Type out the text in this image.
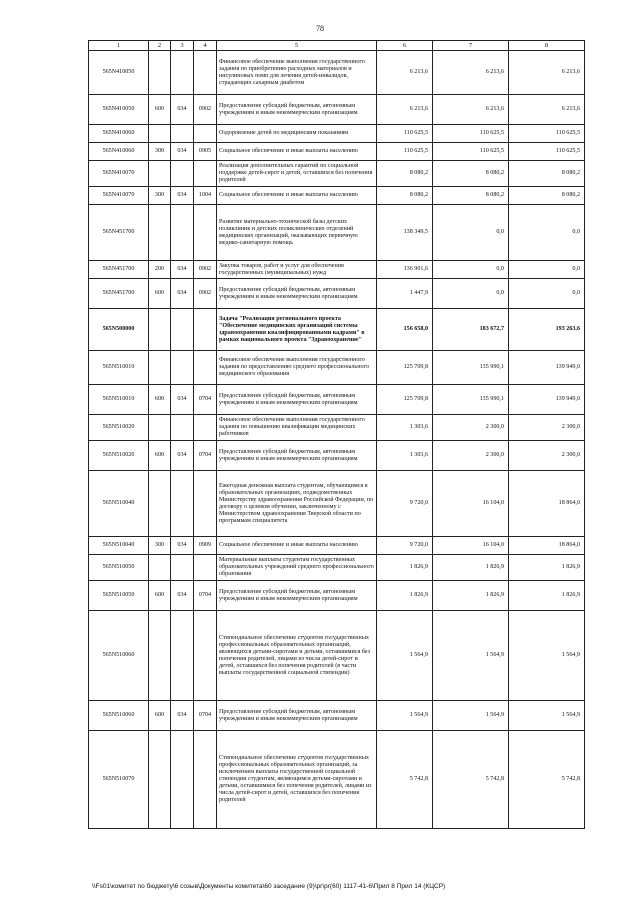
78
1	2	3	4	5	6	7	8
565N410050				Финансовое обеспечение выполнения государственного задания по приобретению расходных материалов и инсулиновых помп для лечения детей-инвалидов, страдающих сахарным диабетом	6 213,6	6 213,6	6 213,6
565N410050	600	034	0902	Предоставление субсидий бюджетным, автономным учреждениям и иным некоммерческим организациям	6 213,6	6 213,6	6 213,6
565N410060				Оздоровление детей по медицинским показаниям	110 625,5	110 625,5	110 625,5
565N410060	300	034	0905	Социальное обеспечение и иные выплаты населению	110 625,5	110 625,5	110 625,5
565N410070				Реализация дополнительных гарантий по социальной поддержке детей-сирот и детей, оставшихся без попечения родителей	8 080,2	8 080,2	8 080,2
565N410070	300	034	1004	Социальное обеспечение и иные выплаты населению	8 080,2	8 080,2	8 080,2
565N451700				Развитие материально-технической базы детских поликлиник и детских поликлинических отделений медицинских организаций, оказывающих первичную медико-санитарную помощь	138 349,5	0,0	0,0
565N451700	200	034	0902	Закупка товаров, работ и услуг для обеспечения государственных (муниципальных) нужд	136 901,6	0,0	0,0
565N451700	600	034	0902	Предоставление субсидий бюджетным, автономным учреждениям и иным некоммерческим организациям	1 447,9	0,0	0,0
565N500000				Задача "Реализация регионального проекта "Обеспечение медицинских организаций системы здравоохранения квалифицированными кадрами" в рамках национального проекта "Здравоохранение"	156 658,0	183 672,7	193 263,6
565N510010				Финансовое обеспечение выполнения государственного задания по предоставлению среднего профессионального медицинского образования	125 709,8	135 990,1	139 949,0
565N510010	600	034	0704	Предоставление субсидий бюджетным, автономным учреждениям и иным некоммерческим организациям	125 709,8	135 990,1	139 949,0
565N510020				Финансовое обеспечение выполнения государственного задания по повышению квалификации медицинских работников	1 303,6	2 300,0	2 300,0
565N510020	600	034	0704	Предоставление субсидий бюджетным, автономным учреждениям и иным некоммерческим организациям	1 303,6	2 300,0	2 300,0
565N510040				Ежегодная денежная выплата студентам, обучающимся в образовательных организациях, подведомственных Министерству здравоохранения Российской Федерации, по договору о целевом обучении, заключенному с Министерством здравоохранения Тверской области по программам специалитета	9 720,0	16 104,0	18 864,0
565N510040	300	034	0909	Социальное обеспечение и иные выплаты населению	9 720,0	16 104,0	18 864,0
565N510050				Материальные выплаты студентам государственных образовательных учреждений среднего профессионального образования	1 826,9	1 826,9	1 826,9
565N510050	600	034	0704	Предоставление субсидий бюджетным, автономным учреждениям и иным некоммерческим организациям	1 826,9	1 826,9	1 826,9
565N510060				Стипендиальное обеспечение студентов государственных профессиональных образовательных организаций, являющихся детьми-сиротами и детьми, оставшимися без попечения родителей, лицами из числа детей-сирот и детей, оставшихся без попечения родителей (в части выплаты государственной социальной стипендии)	1 564,9	1 564,9	1 564,9
565N510060	600	034	0704	Предоставление субсидий бюджетным, автономным учреждениям и иным некоммерческим организациям	1 564,9	1 564,9	1 564,9
565N510070				Стипендиальное обеспечение студентов государственных профессиональных образовательных организаций, за исключением выплаты государственной социальной стипендии студентам, являющимся детьми-сиротами и детьми, оставшимися без попечения родителей, лицами из числа детей-сирот и детей, оставшихся без попечения родителей	5 742,8	5 742,8	5 742,8
\\Fs01\комитет по бюджету\6 созыв\Документы комитета\60 заседание (9)\pr\pr(60) 1117-41-6\Прил 8 Прил 14 (КЦСР)
